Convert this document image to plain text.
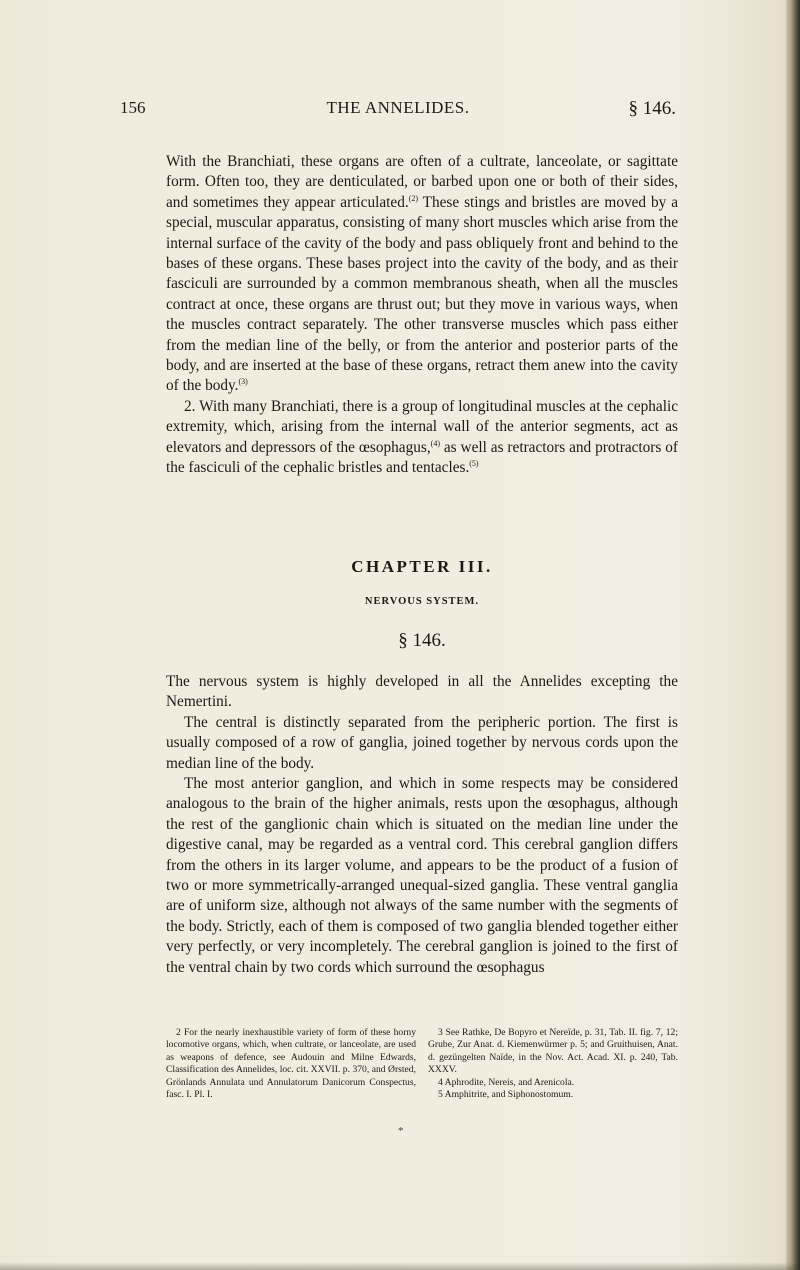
156	THE ANNELIDES.	§ 146.

With the Branchiati, these organs are often of a cultrate, lanceolate, or sagittate form. Often too, they are denticulated, or barbed upon one or both of their sides, and sometimes they appear articulated.$^{(2)}$ These stings and bristles are moved by a special, muscular apparatus, consisting of many short muscles which arise from the internal surface of the cavity of the body and pass obliquely front and behind to the bases of these organs. These bases project into the cavity of the body, and as their fasciculi are surrounded by a common membranous sheath, when all the muscles contract at once, these organs are thrust out; but they move in various ways, when the muscles contract separately. The other transverse muscles which pass either from the median line of the belly, or from the anterior and posterior parts of the body, and are inserted at the base of these organs, retract them anew into the cavity of the body.$^{(3)}$

2. With many Branchiati, there is a group of longitudinal muscles at the cephalic extremity, which, arising from the internal wall of the anterior segments, act as elevators and depressors of the œsophagus,$^{(4)}$ as well as retractors and protractors of the fasciculi of the cephalic bristles and tentacles.$^{(5)}$

CHAPTER III.
NERVOUS SYSTEM.
§ 146.

The nervous system is highly developed in all the Annelides excepting the Nemertini.

The central is distinctly separated from the peripheric portion. The first is usually composed of a row of ganglia, joined together by nervous cords upon the median line of the body.

The most anterior ganglion, and which in some respects may be considered analogous to the brain of the higher animals, rests upon the œsophagus, although the rest of the ganglionic chain which is situated on the median line under the digestive canal, may be regarded as a ventral cord. This cerebral ganglion differs from the others in its larger volume, and appears to be the product of a fusion of two or more symmetrically-arranged unequal-sized ganglia. These ventral ganglia are of uniform size, although not always of the same number with the segments of the body. Strictly, each of them is composed of two ganglia blended together either very perfectly, or very incompletely. The cerebral ganglion is joined to the first of the ventral chain by two cords which surround the œsophagus

2 For the nearly inexhaustible variety of form of these horny locomotive organs, which, when cultrate, or lanceolate, are used as weapons of defence, see Audouin and Milne Edwards, Classification des Annelides, loc. cit. XXVII. p. 370, and Ørsted, Grönlands Annulata und Annulatorum Danicorum Conspectus, fasc. I. Pl. I.

3 See Rathke, De Bopyro et Nereïde, p. 31, Tab. II. fig. 7, 12; Grube, Zur Anat. d. Kiemenwürmer p. 5; and Gruithuisen, Anat. d. gezüngelten Naïde, in the Nov. Act. Acad. XI. p. 240, Tab. XXXV.

4 Aphrodite, Nereis, and Arenicola.

5 Amphitrite, and Siphonostomum.

*
